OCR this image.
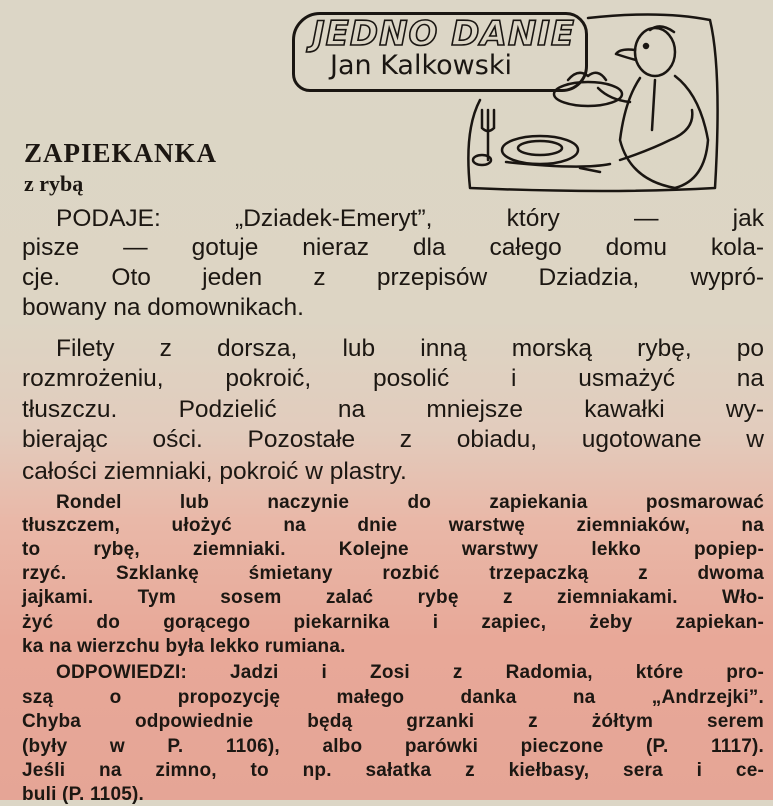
JEDNO DANIE
Jan Kalkowski
ZAPIEKANKA
z rybą
PODAJE: „Dziadek-Emeryt”, który — jak
pisze — gotuje nieraz dla całego domu kola-
cje. Oto jeden z przepisów Dziadzia, wypró-
bowany na domownikach.
Filety z dorsza, lub inną morską rybę, po
rozmrożeniu, pokroić, posolić i usmażyć na
tłuszczu. Podzielić na mniejsze kawałki wy-
bierając ości. Pozostałe z obiadu, ugotowane w
całości ziemniaki, pokroić w plastry.
Rondel lub naczynie do zapiekania posmarować
tłuszczem, ułożyć na dnie warstwę ziemniaków, na
to rybę, ziemniaki. Kolejne warstwy lekko popiep-
rzyć. Szklankę śmietany rozbić trzepaczką z dwoma
jajkami. Tym sosem zalać rybę z ziemniakami. Wło-
żyć do gorącego piekarnika i zapiec, żeby zapiekan-
ka na wierzchu była lekko rumiana.
ODPOWIEDZI: Jadzi i Zosi z Radomia, które pro-
szą o propozycję małego danka na „Andrzejki”.
Chyba odpowiednie będą grzanki z żółtym serem
(były w P. 1106), albo parówki pieczone (P. 1117).
Jeśli na zimno, to np. sałatka z kiełbasy, sera i ce-
buli (P. 1105).
